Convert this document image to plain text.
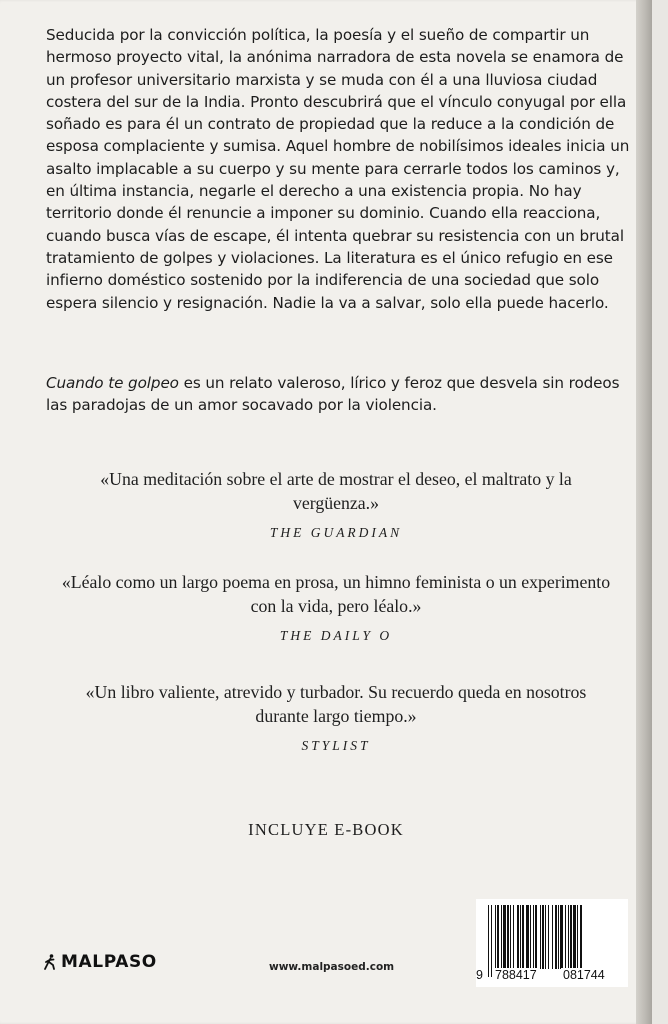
Seducida por la convicción política, la poesía y el sueño de compartir un hermoso proyecto vital, la anónima narradora de esta novela se enamora de un profesor universitario marxista y se muda con él a una lluviosa ciudad costera del sur de la India. Pronto descubrirá que el vínculo conyugal por ella soñado es para él un contrato de propiedad que la reduce a la condición de esposa complaciente y sumisa. Aquel hombre de nobilísimos ideales inicia un asalto implacable a su cuerpo y su mente para cerrarle todos los caminos y, en última instancia, negarle el derecho a una existencia propia. No hay territorio donde él renuncie a imponer su dominio. Cuando ella reacciona, cuando busca vías de escape, él intenta quebrar su resistencia con un brutal tratamiento de golpes y violaciones. La literatura es el único refugio en ese infierno doméstico sostenido por la indiferencia de una sociedad que solo espera silencio y resignación. Nadie la va a salvar, solo ella puede hacerlo.

Cuando te golpeo es un relato valeroso, lírico y feroz que desvela sin rodeos las paradojas de un amor socavado por la violencia.

«Una meditación sobre el arte de mostrar el deseo, el maltrato y la vergüenza.»

THE GUARDIAN

«Léalo como un largo poema en prosa, un himno feminista o un experimento con la vida, pero léalo.»

THE DAILY O

«Un libro valiente, atrevido y turbador. Su recuerdo queda en nosotros durante largo tiempo.»

STYLIST

INCLUYE E-BOOK
MALPASO	www.malpasoed.com
9 788417 081744
